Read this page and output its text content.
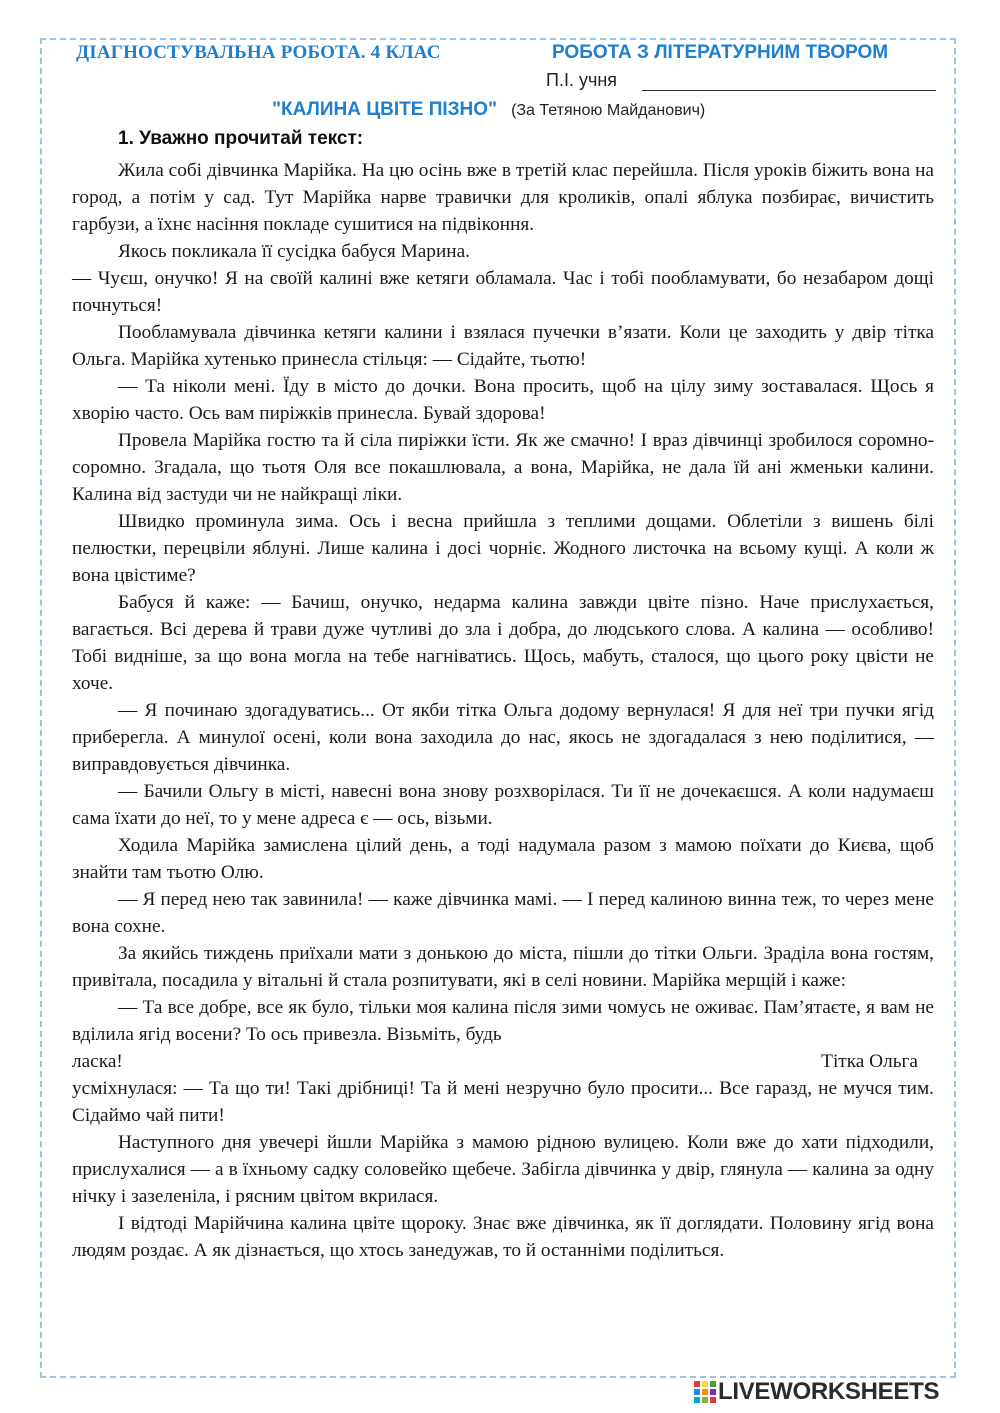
ДІАГНОСТУВАЛЬНА РОБОТА. 4 КЛАС	РОБОТА З ЛІТЕРАТУРНИМ ТВОРОМ
П.І. учня
"КАЛИНА ЦВІТЕ ПІЗНО" (За Тетяною Майданович)
1. Уважно прочитай текст:

Жила собі дівчинка Марійка. На цю осінь вже в третій клас перейшла. Після уроків біжить вона на город, а потім у сад. Тут Марійка нарве травички для кроликів, опалі яблука позбирає, вичистить гарбузи, а їхнє насіння покладе сушитися на підвіконня.

Якось покликала її сусідка бабуся Марина.

— Чуєш, онучко! Я на своїй калині вже кетяги обламала. Час і тобі пообламувати, бо незабаром дощі почнуться!

Пообламувала дівчинка кетяги калини і взялася пучечки в’язати. Коли це заходить у двір тітка Ольга. Марійка хутенько принесла стільця: — Сідайте, тьотю!

— Та ніколи мені. Їду в місто до дочки. Вона просить, щоб на цілу зиму зоставалася. Щось я хворію часто. Ось вам пиріжків принесла. Бувай здорова!

Провела Марійка гостю та й сіла пиріжки їсти. Як же смачно! І враз дівчинці зробилося соромно-соромно. Згадала, що тьотя Оля все покашлювала, а вона, Марійка, не дала їй ані жменьки калини. Калина від застуди чи не найкращі ліки.

Швидко проминула зима. Ось і весна прийшла з теплими дощами. Облетіли з вишень білі пелюстки, перецвіли яблуні. Лише калина і досі чорніє. Жодного листочка на всьому кущі. А коли ж вона цвістиме?

Бабуся й каже: — Бачиш, онучко, недарма калина завжди цвіте пізно. Наче прислухається, вагається. Всі дерева й трави дуже чутливі до зла і добра, до людського слова. А калина — особливо! Тобі видніше, за що вона могла на тебе нагніватись. Щось, мабуть, сталося, що цього року цвісти не хоче.

— Я починаю здогадуватись... От якби тітка Ольга додому вернулася! Я для неї три пучки ягід приберегла. А минулої осені, коли вона заходила до нас, якось не здогадалася з нею поділитися, — виправдовується дівчинка.

— Бачили Ольгу в місті, навесні вона знову розхворілася. Ти її не дочекаєшся. А коли надумаєш сама їхати до неї, то у мене адреса є — ось, візьми.

Ходила Марійка замислена цілий день, а тоді надумала разом з мамою поїхати до Києва, щоб знайти там тьотю Олю.

— Я перед нею так завинила! — каже дівчинка мамі. — І перед калиною винна теж, то через мене вона сохне.

За якийсь тиждень приїхали мати з донькою до міста, пішли до тітки Ольги. Зраділа вона гостям, привітала, посадила у вітальні й стала розпитувати, які в селі новини. Марійка мерщій і каже:

— Та все добре, все як було, тільки моя калина після зими чомусь не оживає. Пам’ятаєте, я вам не вділила ягід восени? То ось привезла. Візьміть, будь

ласка!	Тітка Ольга

усміхнулася: — Та що ти! Такі дрібниці! Та й мені незручно було просити... Все гаразд, не мучся тим. Сідаймо чай пити!

Наступного дня увечері йшли Марійка з мамою рідною вулицею. Коли вже до хати підходили, прислухалися — а в їхньому садку соловейко щебече. Забігла дівчинка у двір, глянула — калина за одну нічку і зазеленіла, і рясним цвітом вкрилася.

І відтоді Марійчина калина цвіте щороку. Знає вже дівчинка, як її доглядати. Половину ягід вона людям роздає. А як дізнається, що хтось занедужав, то й останніми поділиться.

LIVEWORKSHEETS
